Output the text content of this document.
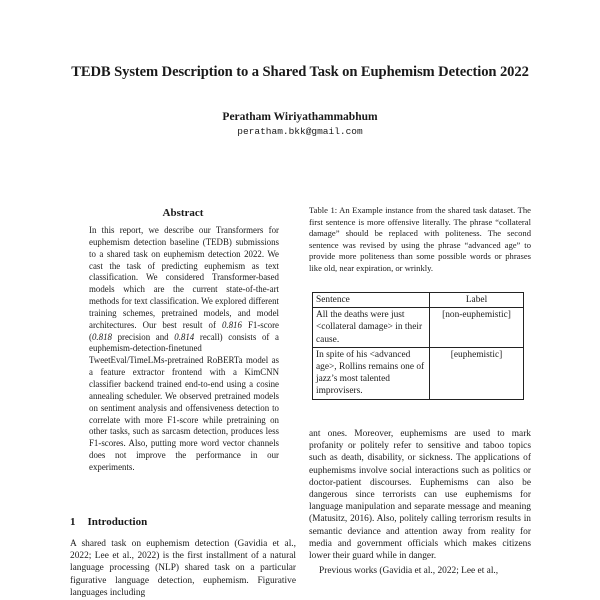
TEDB System Description to a Shared Task on Euphemism Detection 2022
Peratham Wiriyathammabhum
peratham.bkk@gmail.com
Abstract

In this report, we describe our Transformers for euphemism detection baseline (TEDB) submissions to a shared task on euphemism detection 2022. We cast the task of predicting euphemism as text classification. We considered Transformer-based models which are the current state-of-the-art methods for text classification. We explored different training schemes, pretrained models, and model architectures. Our best result of 0.816 F1-score (0.818 precision and 0.814 recall) consists of a euphemism-detection-finetuned TweetEval/TimeLMs-pretrained RoBERTa model as a feature extractor frontend with a KimCNN classifier backend trained end-to-end using a cosine annealing scheduler. We observed pretrained models on sentiment analysis and offensiveness detection to correlate with more F1-score while pretraining on other tasks, such as sarcasm detection, produces less F1-scores. Also, putting more word vector channels does not improve the performance in our experiments.

1 Introduction

A shared task on euphemism detection (Gavidia et al., 2022; Lee et al., 2022) is the first installment of a natural language processing (NLP) shared task on a particular figurative language detection, euphemism. Figurative languages including

Table 1: An Example instance from the shared task dataset. The first sentence is more offensive literally. The phrase “collateral damage” should be replaced with politeness. The second sentence was revised by using the phrase “advanced age” to provide more politeness than some possible words or phrases like old, near expiration, or wrinkly.

Sentence	Label
All the deaths were just <collateral damage> in their cause.	[non-euphemistic]
In spite of his <advanced age>, Rollins remains one of jazz’s most talented improvisers.	[euphemistic]

ant ones. Moreover, euphemisms are used to mark profanity or politely refer to sensitive and taboo topics such as death, disability, or sickness. The applications of euphemisms involve social interactions such as politics or doctor-patient discourses. Euphemisms can also be dangerous since terrorists can use euphemisms for language manipulation and separate message and meaning (Matusitz, 2016). Also, politely calling terrorism results in semantic deviance and attention away from reality for media and government officials which makes citizens lower their guard while in danger.

Previous works (Gavidia et al., 2022; Lee et al.,
